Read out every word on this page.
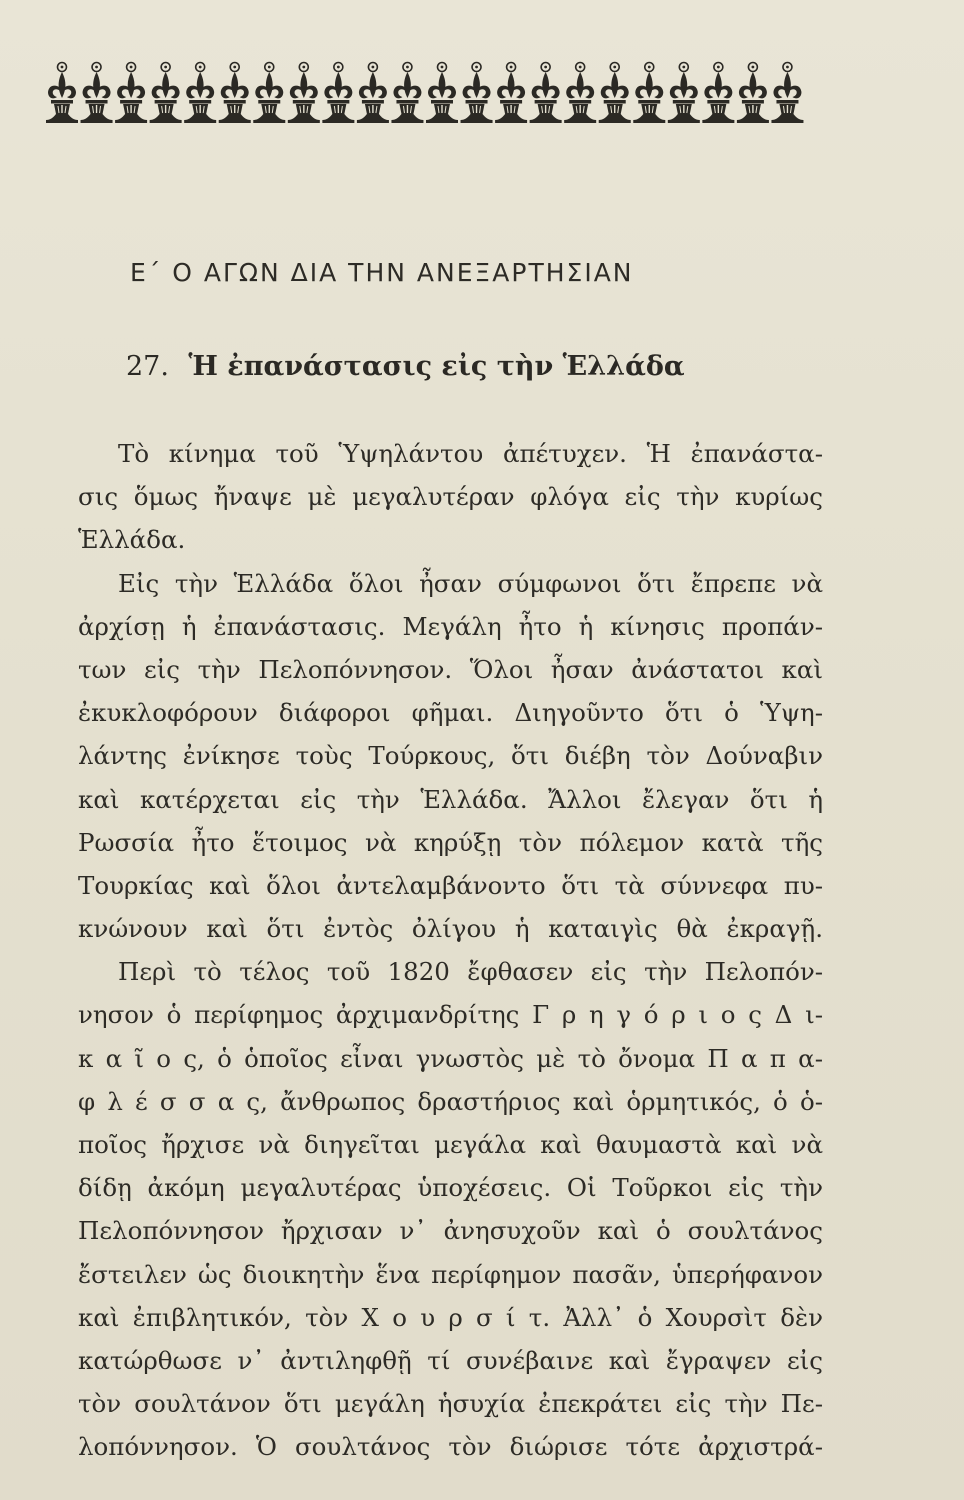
Ε΄ Ο ΑΓΩΝ ΔΙΑ ΤΗΝ ΑΝΕΞΑΡΤΗΣΙΑΝ
27. Ἡ ἐπανάστασις εἰς τὴν Ἑλλάδα
Τὸ κίνημα τοῦ Ὑψηλάντου ἀπέτυχεν. Ἡ ἐπανάστα-
σις ὅμως ἤναψε μὲ μεγαλυτέραν φλόγα εἰς τὴν κυρίως
Ἑλλάδα.
Εἰς τὴν Ἑλλάδα ὅλοι ἦσαν σύμφωνοι ὅτι ἔπρεπε νὰ
ἀρχίσῃ ἡ ἐπανάστασις. Μεγάλη ἦτο ἡ κίνησις προπάν-
των εἰς τὴν Πελοπόννησον. Ὅλοι ἦσαν ἀνάστατοι καὶ
ἐκυκλοφόρουν διάφοροι φῆμαι. Διηγοῦντο ὅτι ὁ Ὑψη-
λάντης ἐνίκησε τοὺς Τούρκους, ὅτι διέβη τὸν Δούναβιν
καὶ κατέρχεται εἰς τὴν Ἑλλάδα. Ἄλλοι ἔλεγαν ὅτι ἡ
Ρωσσία ἦτο ἕτοιμος νὰ κηρύξῃ τὸν πόλεμον κατὰ τῆς
Τουρκίας καὶ ὅλοι ἀντελαμβάνοντο ὅτι τὰ σύννεφα πυ-
κνώνουν καὶ ὅτι ἐντὸς ὀλίγου ἡ καταιγὶς θὰ ἐκραγῇ.
Περὶ τὸ τέλος τοῦ 1820 ἔφθασεν εἰς τὴν Πελοπόν-
νησον ὁ περίφημος ἀρχιμανδρίτης Γ ρ η γ ό ρ ι ο ς Δ ι-
κ α ῖ ο ς, ὁ ὁποῖος εἶναι γνωστὸς μὲ τὸ ὄνομα Π α π α-
φ λ έ σ σ α ς, ἄνθρωπος δραστήριος καὶ ὁρμητικός, ὁ ὁ-
ποῖος ἤρχισε νὰ διηγεῖται μεγάλα καὶ θαυμαστὰ καὶ νὰ
δίδῃ ἀκόμη μεγαλυτέρας ὑποχέσεις. Οἱ Τοῦρκοι εἰς τὴν
Πελοπόννησον ἤρχισαν ν᾽ ἀνησυχοῦν καὶ ὁ σουλτάνος
ἔστειλεν ὡς διοικητὴν ἕνα περίφημον πασᾶν, ὑπερήφανον
καὶ ἐπιβλητικόν, τὸν Χ ο υ ρ σ ί τ. Ἀλλ᾽ ὁ Χουρσὶτ δὲν
κατώρθωσε ν᾽ ἀντιληφθῇ τί συνέβαινε καὶ ἔγραψεν εἰς
τὸν σουλτάνον ὅτι μεγάλη ἡσυχία ἐπεκράτει εἰς τὴν Πε-
λοπόννησον. Ὁ σουλτάνος τὸν διώρισε τότε ἀρχιστρά-
